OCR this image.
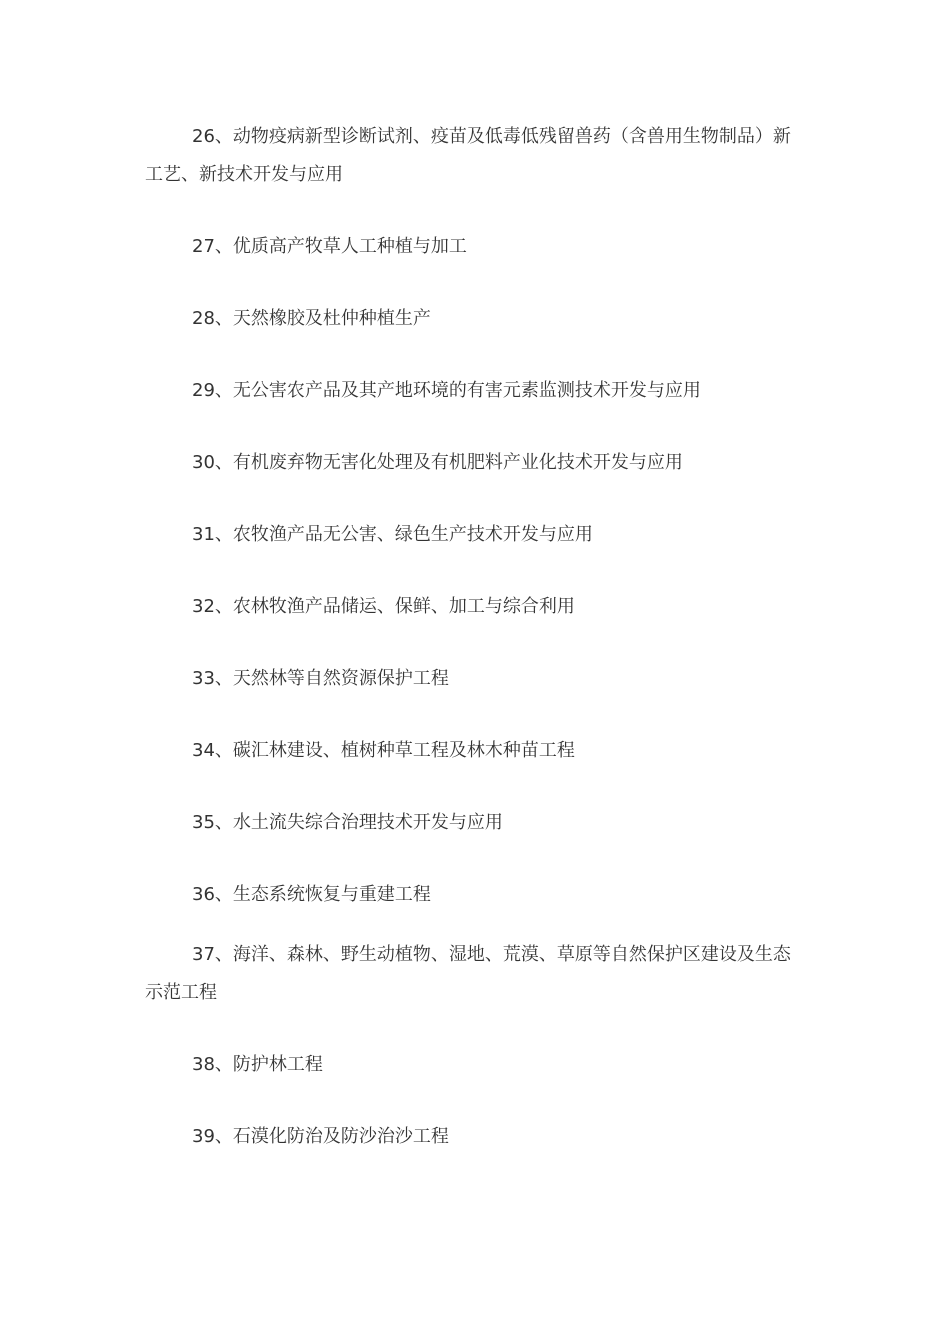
26、动物疫病新型诊断试剂、疫苗及低毒低残留兽药（含兽用生物制品）新工艺、新技术开发与应用

27、优质高产牧草人工种植与加工

28、天然橡胶及杜仲种植生产

29、无公害农产品及其产地环境的有害元素监测技术开发与应用

30、有机废弃物无害化处理及有机肥料产业化技术开发与应用

31、农牧渔产品无公害、绿色生产技术开发与应用

32、农林牧渔产品储运、保鲜、加工与综合利用

33、天然林等自然资源保护工程

34、碳汇林建设、植树种草工程及林木种苗工程

35、水土流失综合治理技术开发与应用

36、生态系统恢复与重建工程

37、海洋、森林、野生动植物、湿地、荒漠、草原等自然保护区建设及生态示范工程

38、防护林工程

39、石漠化防治及防沙治沙工程
